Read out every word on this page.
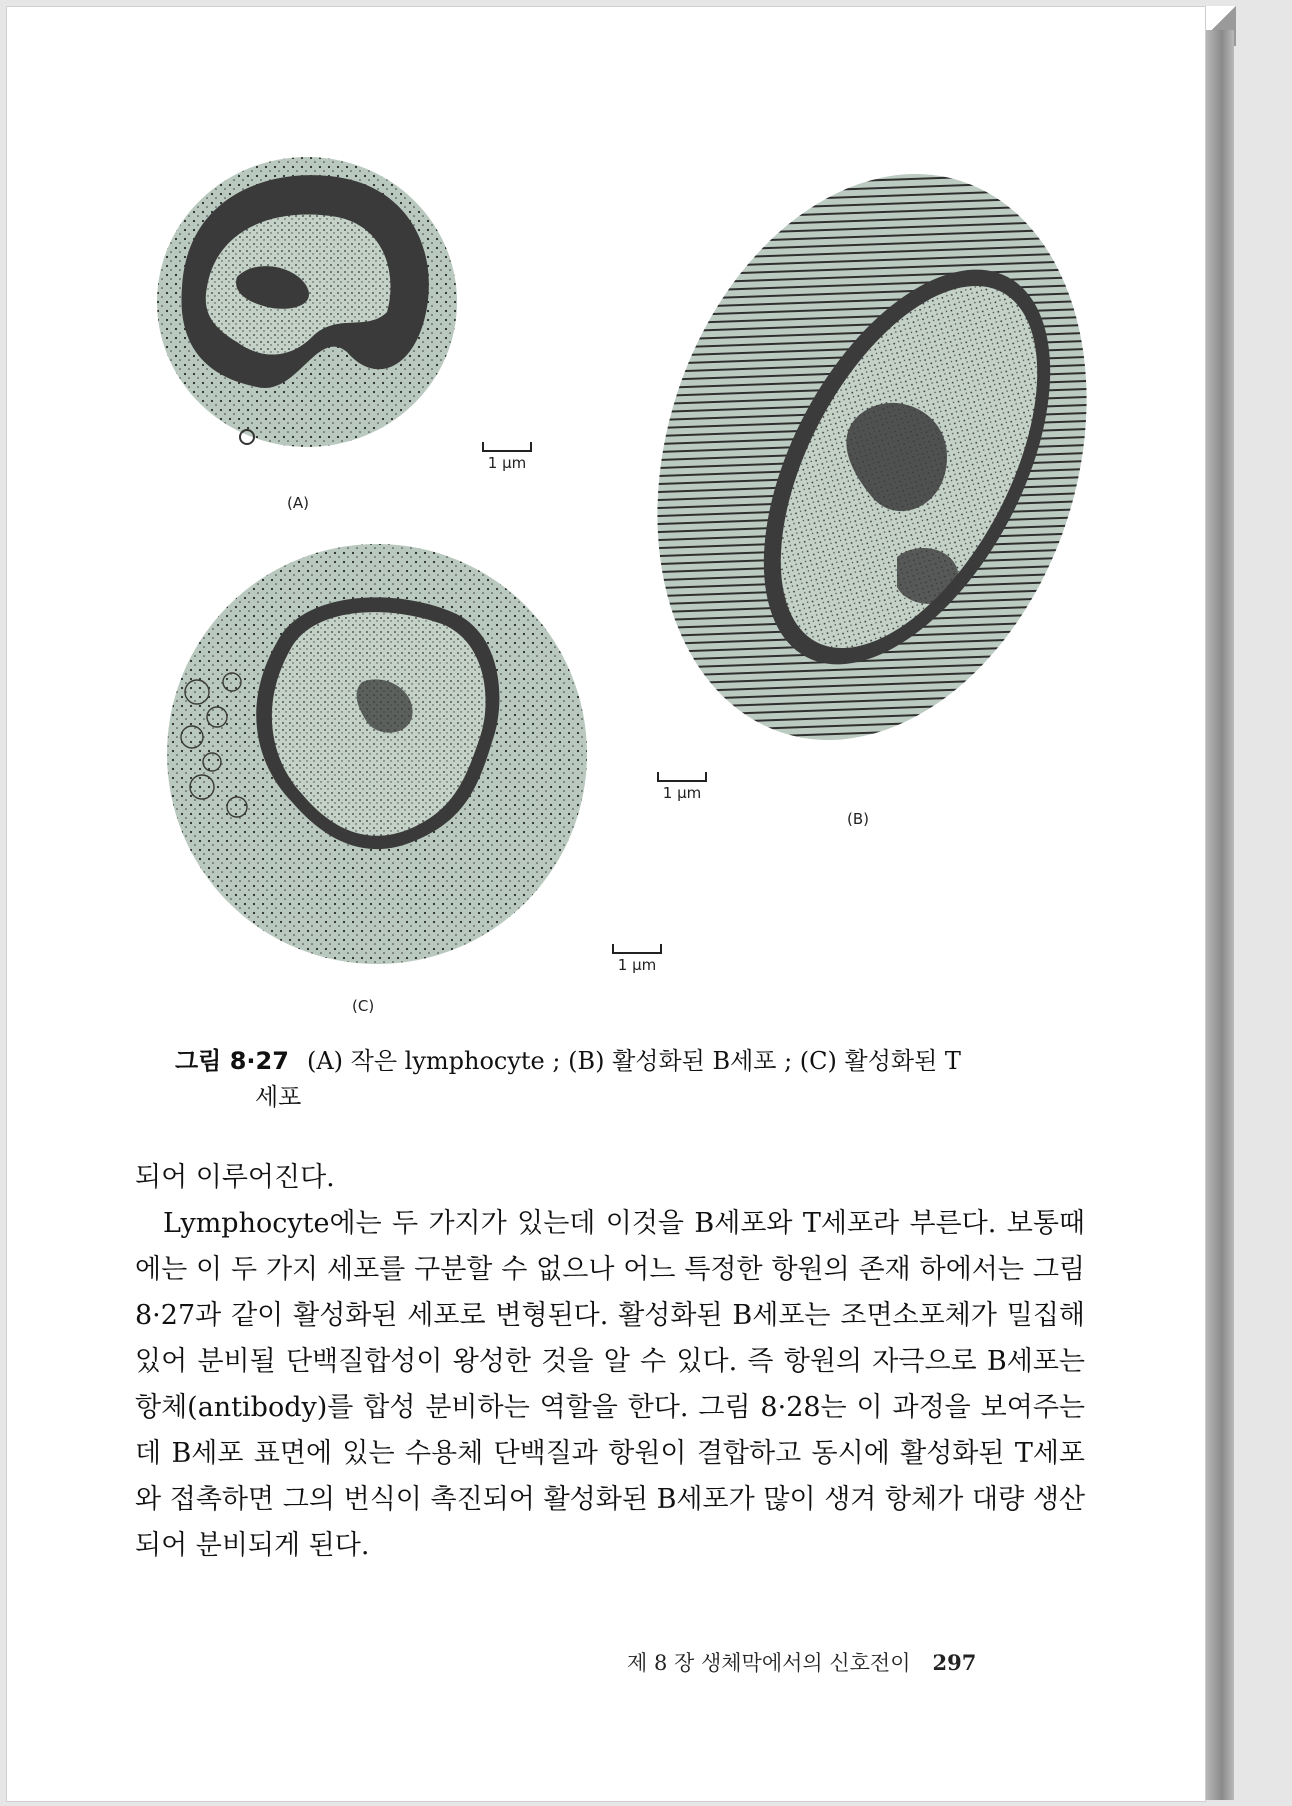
1 μm
(A)
1 μm
(B)
1 μm
(C)
그림 8·27 (A) 작은 lymphocyte ; (B) 활성화된 B세포 ; (C) 활성화된 T
세포

되어 이루어진다.

Lymphocyte에는 두 가지가 있는데 이것을 B세포와 T세포라 부른다. 보통때에는 이 두 가지 세포를 구분할 수 없으나 어느 특정한 항원의 존재 하에서는 그림 8·27과 같이 활성화된 세포로 변형된다. 활성화된 B세포는 조면소포체가 밀집해 있어 분비될 단백질합성이 왕성한 것을 알 수 있다. 즉 항원의 자극으로 B세포는 항체(antibody)를 합성 분비하는 역할을 한다. 그림 8·28는 이 과정을 보여주는데 B세포 표면에 있는 수용체 단백질과 항원이 결합하고 동시에 활성화된 T세포와 접촉하면 그의 번식이 촉진되어 활성화된 B세포가 많이 생겨 항체가 대량 생산되어 분비되게 된다.

제 8 장 생체막에서의 신호전이 297
